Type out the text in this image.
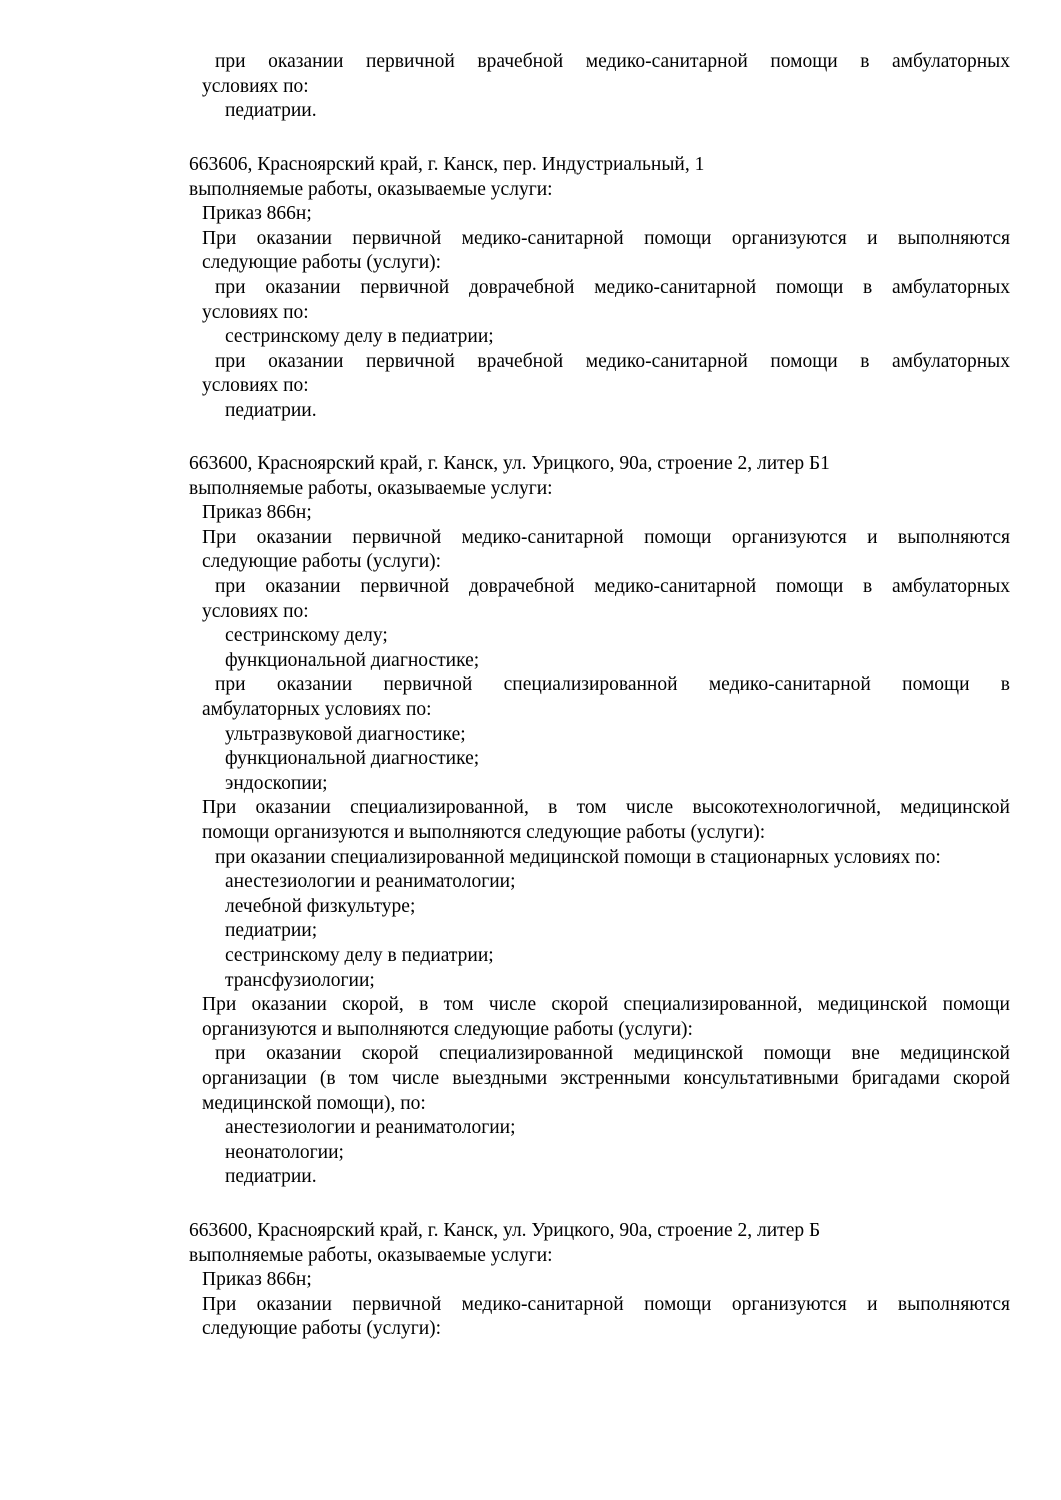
при оказании первичной врачебной медико-санитарной помощи в амбулаторных
условиях по:
педиатрии.
663606, Красноярский край, г. Канск, пер. Индустриальный, 1
выполняемые работы, оказываемые услуги:
Приказ 866н;
При оказании первичной медико-санитарной помощи организуются и выполняются
следующие работы (услуги):
при оказании первичной доврачебной медико-санитарной помощи в амбулаторных
условиях по:
сестринскому делу в педиатрии;
при оказании первичной врачебной медико-санитарной помощи в амбулаторных
условиях по:
педиатрии.
663600, Красноярский край, г. Канск, ул. Урицкого, 90а, строение 2, литер Б1
выполняемые работы, оказываемые услуги:
Приказ 866н;
При оказании первичной медико-санитарной помощи организуются и выполняются
следующие работы (услуги):
при оказании первичной доврачебной медико-санитарной помощи в амбулаторных
условиях по:
сестринскому делу;
функциональной диагностике;
при оказании первичной специализированной медико-санитарной помощи в
амбулаторных условиях по:
ультразвуковой диагностике;
функциональной диагностике;
эндоскопии;
При оказании специализированной, в том числе высокотехнологичной, медицинской
помощи организуются и выполняются следующие работы (услуги):
при оказании специализированной медицинской помощи в стационарных условиях по:
анестезиологии и реаниматологии;
лечебной физкультуре;
педиатрии;
сестринскому делу в педиатрии;
трансфузиологии;
При оказании скорой, в том числе скорой специализированной, медицинской помощи
организуются и выполняются следующие работы (услуги):
при оказании скорой специализированной медицинской помощи вне медицинской
организации (в том числе выездными экстренными консультативными бригадами скорой
медицинской помощи), по:
анестезиологии и реаниматологии;
неонатологии;
педиатрии.
663600, Красноярский край, г. Канск, ул. Урицкого, 90а, строение 2, литер Б
выполняемые работы, оказываемые услуги:
Приказ 866н;
При оказании первичной медико-санитарной помощи организуются и выполняются
следующие работы (услуги):
